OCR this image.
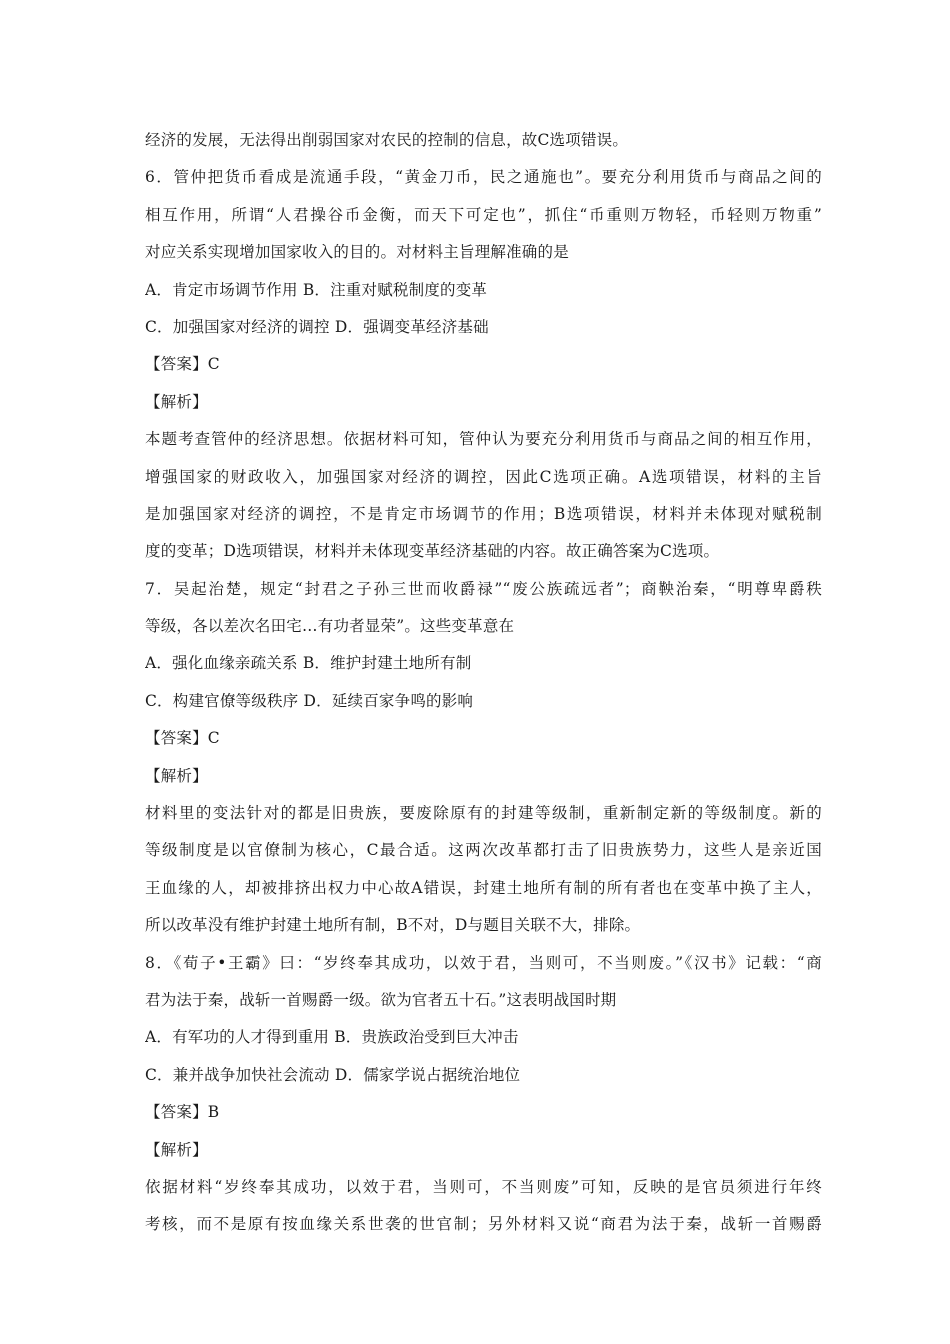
经济的发展，无法得出削弱国家对农民的控制的信息，故C选项错误。
6．管仲把货币看成是流通手段，“黄金刀币，民之通施也”。要充分利用货币与商品之间的
相互作用，所谓“人君操谷币金衡，而天下可定也”，抓住“币重则万物轻，币轻则万物重”
对应关系实现增加国家收入的目的。对材料主旨理解准确的是
A．肯定市场调节作用 B．注重对赋税制度的变革
C．加强国家对经济的调控 D．强调变革经济基础
【答案】C
【解析】
本题考查管仲的经济思想。依据材料可知，管仲认为要充分利用货币与商品之间的相互作用，
增强国家的财政收入，加强国家对经济的调控，因此C选项正确。A选项错误，材料的主旨
是加强国家对经济的调控，不是肯定市场调节的作用；B选项错误，材料并未体现对赋税制
度的变革；D选项错误，材料并未体现变革经济基础的内容。故正确答案为C选项。
7．吴起治楚，规定“封君之子孙三世而收爵禄”“废公族疏远者”；商鞅治秦，“明尊卑爵秩
等级，各以差次名田宅…有功者显荣”。这些变革意在
A．强化血缘亲疏关系 B．维护封建土地所有制
C．构建官僚等级秩序 D．延续百家争鸣的影响
【答案】C
【解析】
材料里的变法针对的都是旧贵族，要废除原有的封建等级制，重新制定新的等级制度。新的
等级制度是以官僚制为核心，C最合适。这两次改革都打击了旧贵族势力，这些人是亲近国
王血缘的人，却被排挤出权力中心故A错误，封建土地所有制的所有者也在变革中换了主人，
所以改革没有维护封建土地所有制，B不对，D与题目关联不大，排除。
8．《荀子•王霸》曰：“岁终奉其成功，以效于君，当则可，不当则废。”《汉书》记载：“商
君为法于秦，战斩一首赐爵一级。欲为官者五十石。”这表明战国时期
A．有军功的人才得到重用 B．贵族政治受到巨大冲击
C．兼并战争加快社会流动 D．儒家学说占据统治地位
【答案】B
【解析】
依据材料“岁终奉其成功，以效于君，当则可，不当则废”可知，反映的是官员须进行年终
考核，而不是原有按血缘关系世袭的世官制；另外材料又说“商君为法于秦，战斩一首赐爵
